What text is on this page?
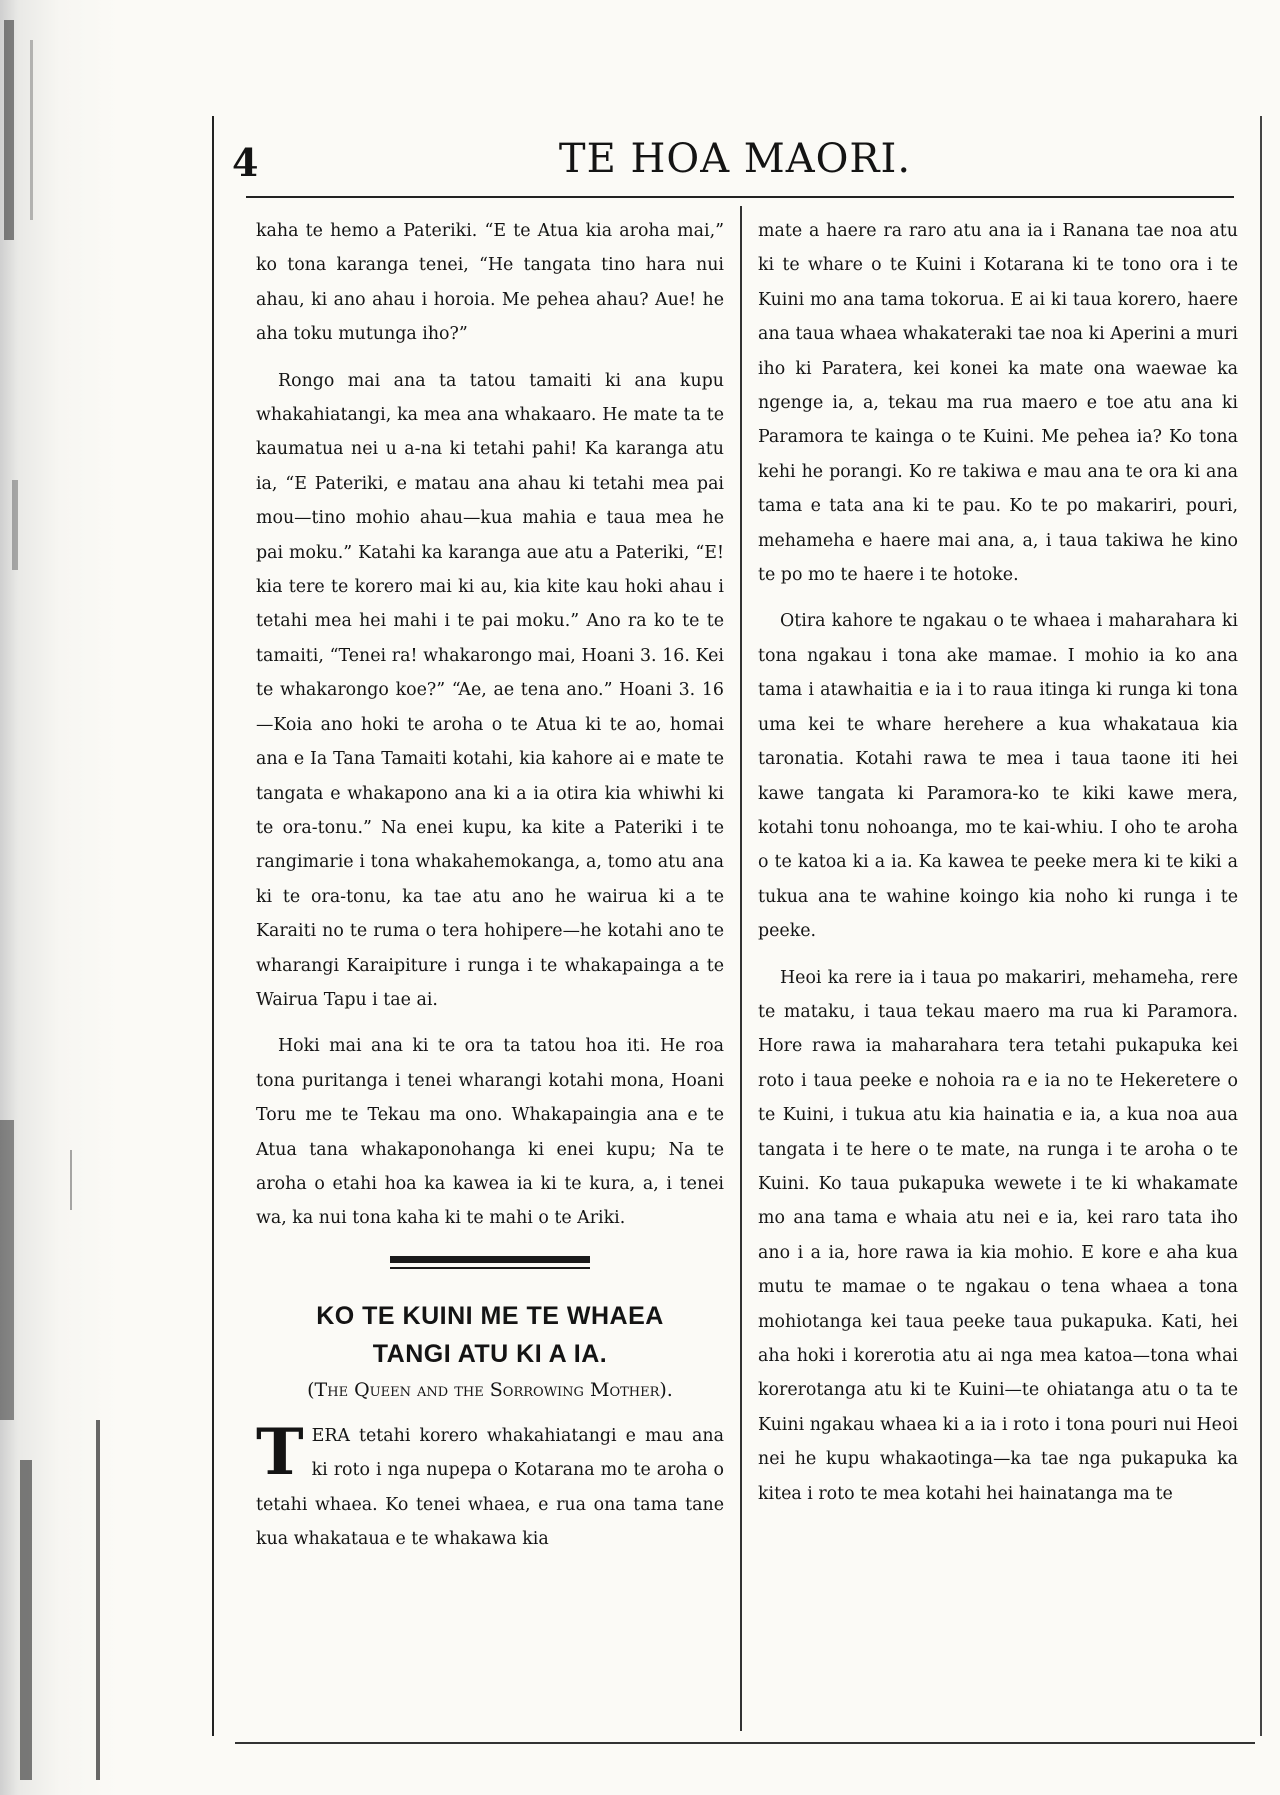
4	TE HOA MAORI.

kaha te hemo a Pateriki. “E te Atua kia aroha mai,” ko tona karanga tenei, “He tangata tino hara nui ahau, ki ano ahau i horoia. Me pehea ahau? Aue! he aha toku mutunga iho?”

Rongo mai ana ta tatou tamaiti ki ana kupu whakahiatangi, ka mea ana whakaaro. He mate ta te kaumatua nei u a-na ki tetahi pahi! Ka karanga atu ia, “E Pateriki, e matau ana ahau ki tetahi mea pai mou—tino mohio ahau—kua mahia e taua mea he pai moku.” Katahi ka karanga aue atu a Pateriki, “E! kia tere te korero mai ki au, kia kite kau hoki ahau i tetahi mea hei mahi i te pai moku.” Ano ra ko te te tamaiti, “Tenei ra! whakarongo mai, Hoani 3. 16. Kei te whakarongo koe?” “Ae, ae tena ano.” Hoani 3. 16—Koia ano hoki te aroha o te Atua ki te ao, homai ana e Ia Tana Tamaiti kotahi, kia kahore ai e mate te tangata e whakapono ana ki a ia otira kia whiwhi ki te ora-tonu.” Na enei kupu, ka kite a Pateriki i te rangimarie i tona whakahemokanga, a, tomo atu ana ki te ora-tonu, ka tae atu ano he wairua ki a te Karaiti no te ruma o tera hohipere—he kotahi ano te wharangi Karaipiture i runga i te whakapainga a te Wairua Tapu i tae ai.

Hoki mai ana ki te ora ta tatou hoa iti. He roa tona puritanga i tenei wharangi kotahi mona, Hoani Toru me te Tekau ma ono. Whakapaingia ana e te Atua tana whakaponohanga ki enei kupu; Na te aroha o etahi hoa ka kawea ia ki te kura, a, i tenei wa, ka nui tona kaha ki te mahi o te Ariki.

KO TE KUINI ME TE WHAEA
TANGI ATU KI A IA.
(The Queen and the Sorrowing Mother).

TERA tetahi korero whakahiatangi e mau ana ki roto i nga nupepa o Kotarana mo te aroha o tetahi whaea. Ko tenei whaea, e rua ona tama tane kua whakataua e te whakawa kia

mate a haere ra raro atu ana ia i Ranana tae noa atu ki te whare o te Kuini i Kotarana ki te tono ora i te Kuini mo ana tama tokorua. E ai ki taua korero, haere ana taua whaea whakateraki tae noa ki Aperini a muri iho ki Paratera, kei konei ka mate ona waewae ka ngenge ia, a, tekau ma rua maero e toe atu ana ki Paramora te kainga o te Kuini. Me pehea ia? Ko tona kehi he porangi. Ko re takiwa e mau ana te ora ki ana tama e tata ana ki te pau. Ko te po makariri, pouri, mehameha e haere mai ana, a, i taua takiwa he kino te po mo te haere i te hotoke.

Otira kahore te ngakau o te whaea i maharahara ki tona ngakau i tona ake mamae. I mohio ia ko ana tama i atawhaitia e ia i to raua itinga ki runga ki tona uma kei te whare herehere a kua whakataua kia taronatia. Kotahi rawa te mea i taua taone iti hei kawe tangata ki Paramora-ko te kiki kawe mera, kotahi tonu nohoanga, mo te kai-whiu. I oho te aroha o te katoa ki a ia. Ka kawea te peeke mera ki te kiki a tukua ana te wahine koingo kia noho ki runga i te peeke.

Heoi ka rere ia i taua po makariri, mehameha, rere te mataku, i taua tekau maero ma rua ki Paramora. Hore rawa ia maharahara tera tetahi pukapuka kei roto i taua peeke e nohoia ra e ia no te Hekeretere o te Kuini, i tukua atu kia hainatia e ia, a kua noa aua tangata i te here o te mate, na runga i te aroha o te Kuini. Ko taua pukapuka wewete i te ki whakamate mo ana tama e whaia atu nei e ia, kei raro tata iho ano i a ia, hore rawa ia kia mohio. E kore e aha kua mutu te mamae o te ngakau o tena whaea a tona mohiotanga kei taua peeke taua pukapuka. Kati, hei aha hoki i korerotia atu ai nga mea katoa—tona whai korerotanga atu ki te Kuini—te ohiatanga atu o ta te Kuini ngakau whaea ki a ia i roto i tona pouri nui Heoi nei he kupu whakaotinga—ka tae nga pukapuka ka kitea i roto te mea kotahi hei hainatanga ma te
